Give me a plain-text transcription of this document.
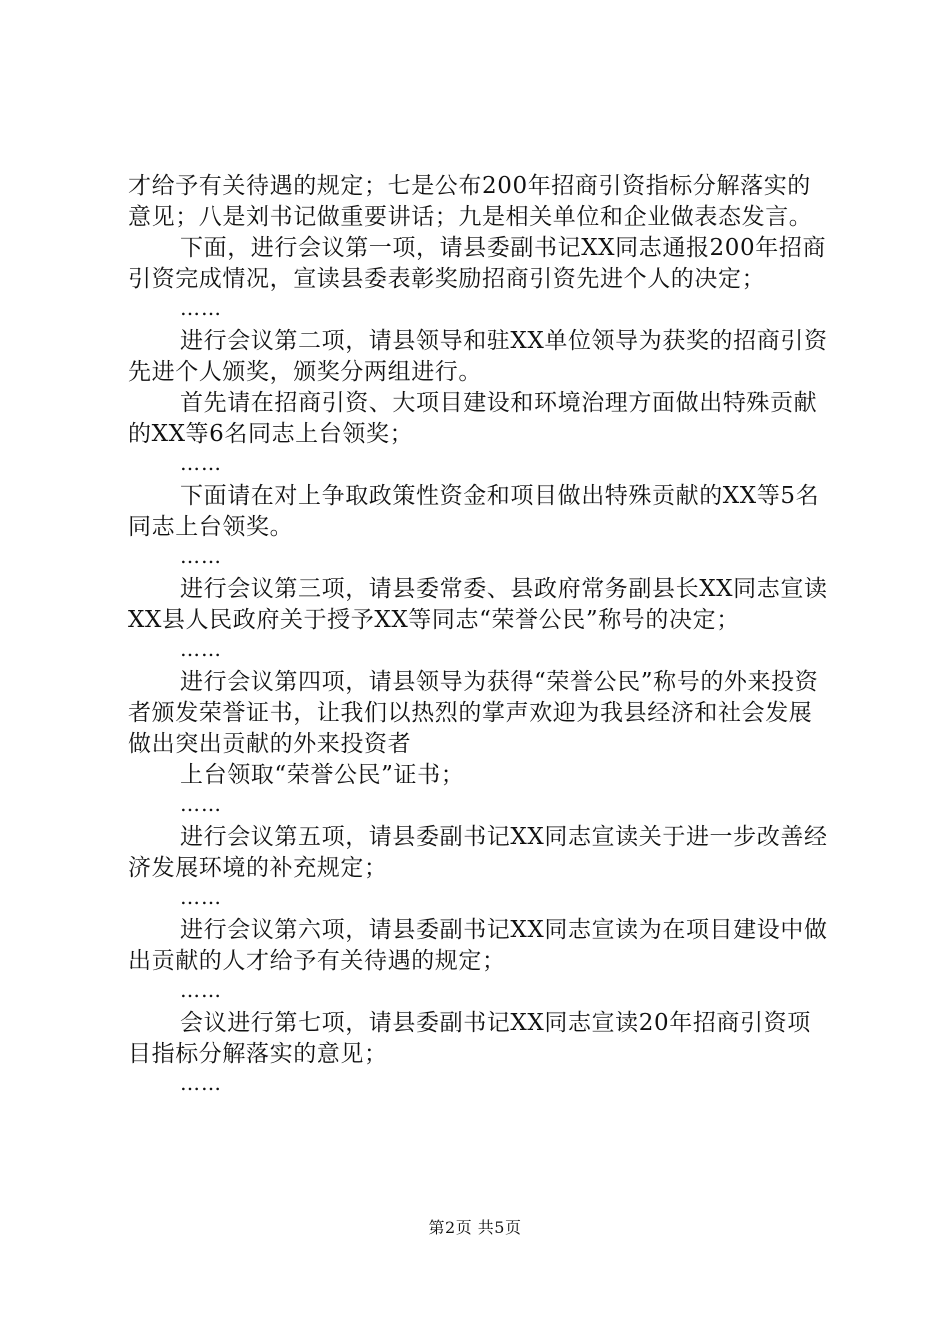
才给予有关待遇的规定；七是公布200年招商引资指标分解落实的意见；八是刘书记做重要讲话；九是相关单位和企业做表态发言。

下面，进行会议第一项，请县委副书记XX同志通报200年招商引资完成情况，宣读县委表彰奖励招商引资先进个人的决定；

……

进行会议第二项，请县领导和驻XX单位领导为获奖的招商引资先进个人颁奖，颁奖分两组进行。

首先请在招商引资、大项目建设和环境治理方面做出特殊贡献的XX等6名同志上台领奖；

……

下面请在对上争取政策性资金和项目做出特殊贡献的XX等5名同志上台领奖。

……

进行会议第三项，请县委常委、县政府常务副县长XX同志宣读XX县人民政府关于授予XX等同志“荣誉公民”称号的决定；

……

进行会议第四项，请县领导为获得“荣誉公民”称号的外来投资者颁发荣誉证书，让我们以热烈的掌声欢迎为我县经济和社会发展做出突出贡献的外来投资者

上台领取“荣誉公民”证书；

……

进行会议第五项，请县委副书记XX同志宣读关于进一步改善经济发展环境的补充规定；

……

进行会议第六项，请县委副书记XX同志宣读为在项目建设中做出贡献的人才给予有关待遇的规定；

……

会议进行第七项，请县委副书记XX同志宣读20年招商引资项目指标分解落实的意见；

……

第2页 共5页
